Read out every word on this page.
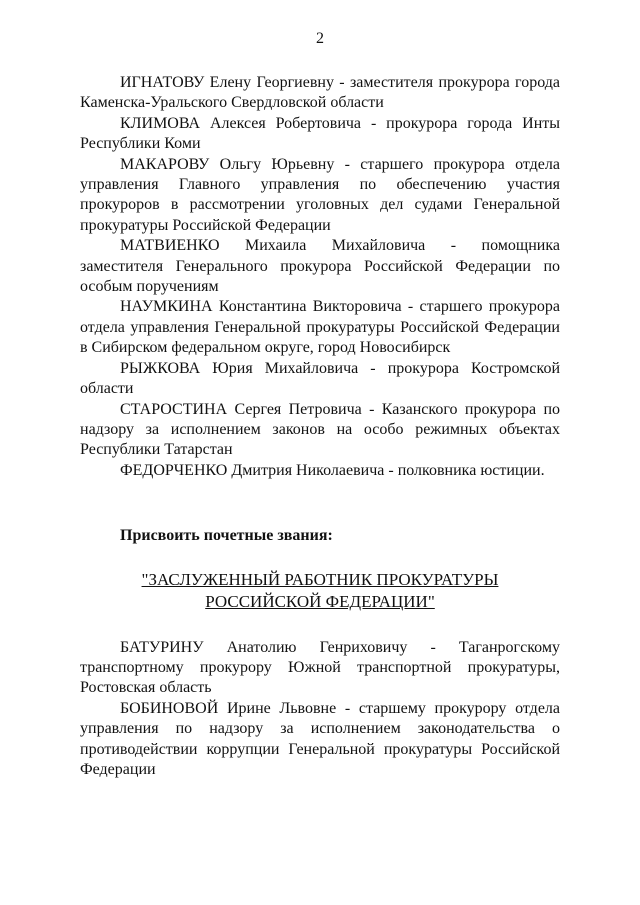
2

ИГНАТОВУ Елену Георгиевну - заместителя прокурора города Каменска-Уральского Свердловской области

КЛИМОВА Алексея Робертовича - прокурора города Инты Республики Коми

МАКАРОВУ Ольгу Юрьевну - старшего прокурора отдела управления Главного управления по обеспечению участия прокуроров в рассмотрении уголовных дел судами Генеральной прокуратуры Российской Федерации

МАТВИЕНКО Михаила Михайловича - помощника заместителя Генерального прокурора Российской Федерации по особым поручениям

НАУМКИНА Константина Викторовича - старшего прокурора отдела управления Генеральной прокуратуры Российской Федерации в Сибирском федеральном округе, город Новосибирск

РЫЖКОВА Юрия Михайловича - прокурора Костромской области

СТАРОСТИНА Сергея Петровича - Казанского прокурора по надзору за исполнением законов на особо режимных объектах Республики Татарстан

ФЕДОРЧЕНКО Дмитрия Николаевича - полковника юстиции.

Присвоить почетные звания:

"ЗАСЛУЖЕННЫЙ РАБОТНИК ПРОКУРАТУРЫ
РОССИЙСКОЙ ФЕДЕРАЦИИ"

БАТУРИНУ Анатолию Генриховичу - Таганрогскому транспортному прокурору Южной транспортной прокуратуры, Ростовская область

БОБИНОВОЙ Ирине Львовне - старшему прокурору отдела управления по надзору за исполнением законодательства о противодействии коррупции Генеральной прокуратуры Российской Федерации
